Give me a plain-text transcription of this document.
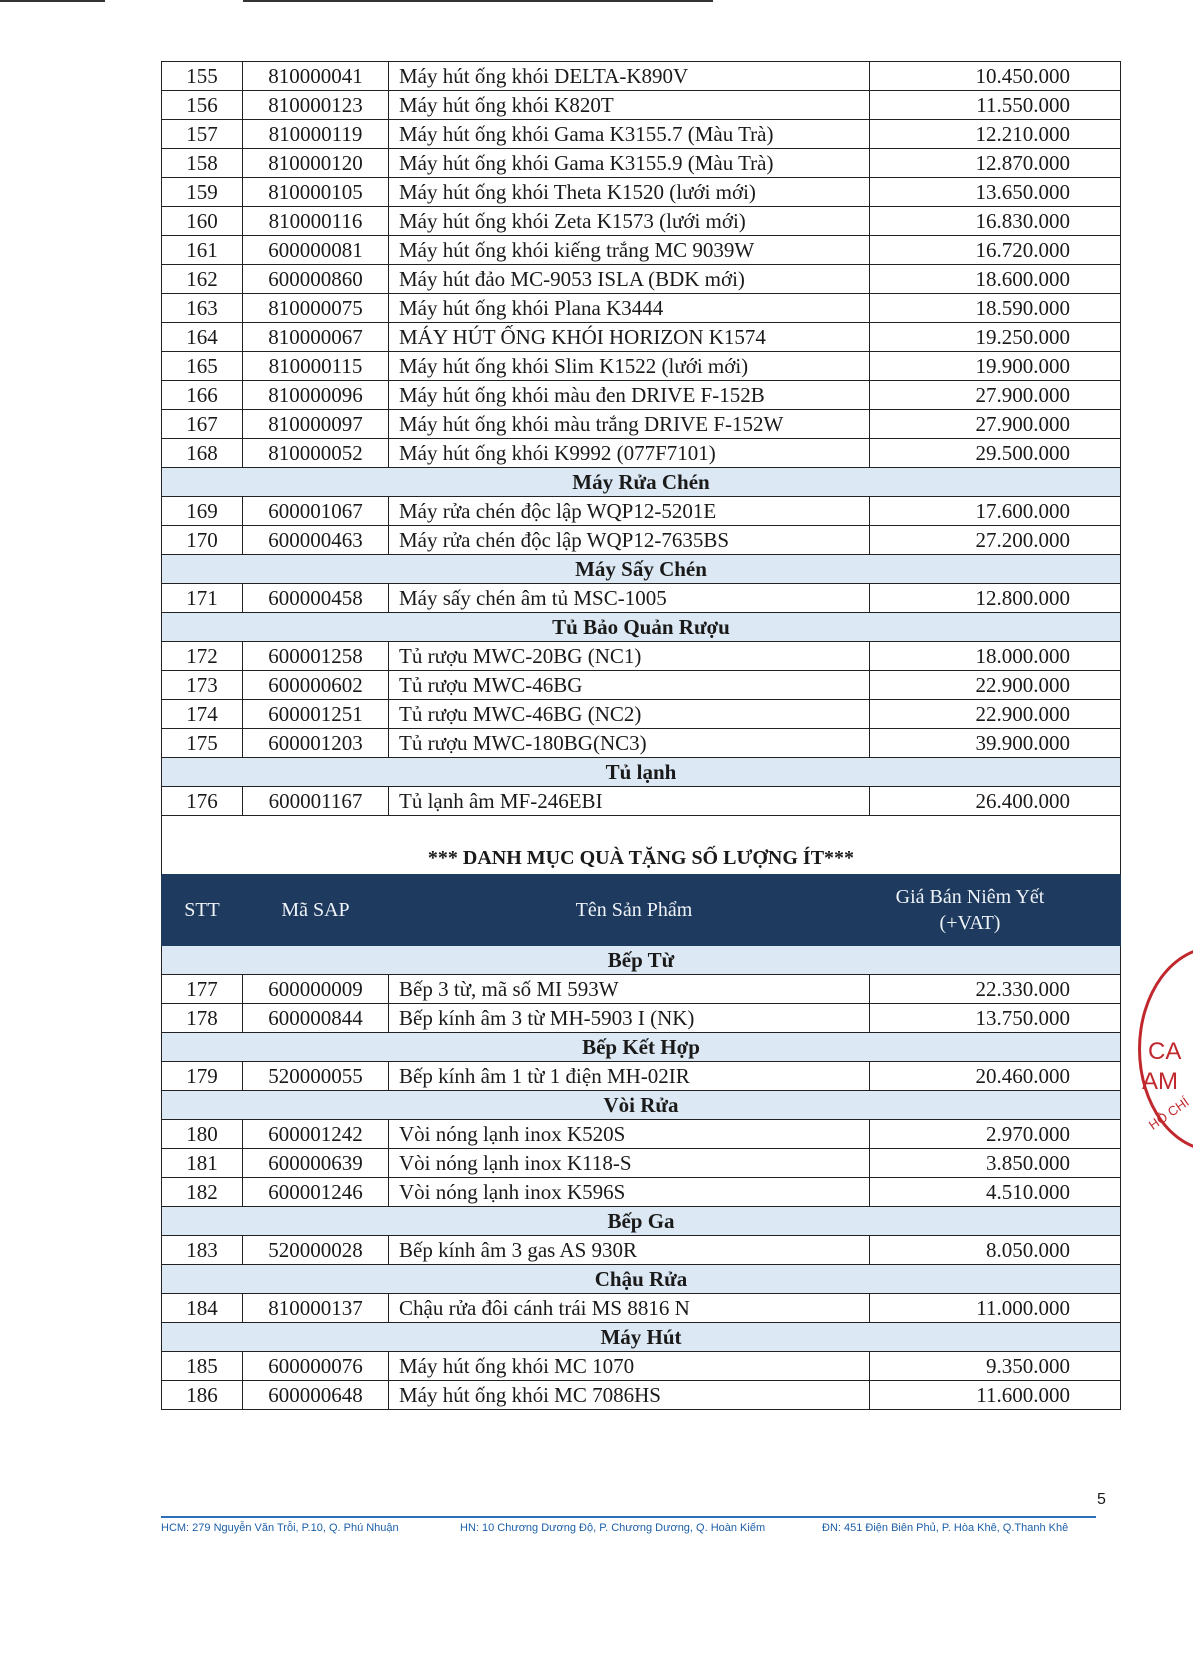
155	810000041	Máy hút ống khói DELTA-K890V	10.450.000
156	810000123	Máy hút ống khói K820T	11.550.000
157	810000119	Máy hút ống khói Gama K3155.7 (Màu Trà)	12.210.000
158	810000120	Máy hút ống khói Gama K3155.9 (Màu Trà)	12.870.000
159	810000105	Máy hút ống khói Theta K1520 (lưới mới)	13.650.000
160	810000116	Máy hút ống khói Zeta K1573 (lưới mới)	16.830.000
161	600000081	Máy hút ống khói kiếng trắng MC 9039W	16.720.000
162	600000860	Máy hút đảo MC-9053 ISLA (BDK mới)	18.600.000
163	810000075	Máy hút ống khói Plana K3444	18.590.000
164	810000067	MÁY HÚT ỐNG KHÓI HORIZON K1574	19.250.000
165	810000115	Máy hút ống khói Slim K1522 (lưới mới)	19.900.000
166	810000096	Máy hút ống khói màu đen DRIVE F-152B	27.900.000
167	810000097	Máy hút ống khói màu trắng DRIVE F-152W	27.900.000
168	810000052	Máy hút ống khói K9992 (077F7101)	29.500.000
Máy Rửa Chén			
169	600001067	Máy rửa chén độc lập WQP12-5201E	17.600.000
170	600000463	Máy rửa chén độc lập WQP12-7635BS	27.200.000
Máy Sấy Chén			
171	600000458	Máy sấy chén âm tủ MSC-1005	12.800.000
Tủ Bảo Quản Rượu			
172	600001258	Tủ rượu MWC-20BG (NC1)	18.000.000
173	600000602	Tủ rượu MWC-46BG	22.900.000
174	600001251	Tủ rượu MWC-46BG (NC2)	22.900.000
175	600001203	Tủ rượu MWC-180BG(NC3)	39.900.000
Tủ lạnh			
176	600001167	Tủ lạnh âm MF-246EBI	26.400.000
*** DANH MỤC QUÀ TẶNG SỐ LƯỢNG ÍT***			
STT	Mã SAP	Tên Sản Phẩm	Giá Bán Niêm Yết (+VAT)
Bếp Từ			
177	600000009	Bếp 3 từ, mã số MI 593W	22.330.000
178	600000844	Bếp kính âm 3 từ MH-5903 I (NK)	13.750.000
Bếp Kết Hợp			
179	520000055	Bếp kính âm 1 từ 1 điện MH-02IR	20.460.000
Vòi Rửa			
180	600001242	Vòi nóng lạnh inox K520S	2.970.000
181	600000639	Vòi nóng lạnh inox K118-S	3.850.000
182	600001246	Vòi nóng lạnh inox K596S	4.510.000
Bếp Ga			
183	520000028	Bếp kính âm 3 gas AS 930R	8.050.000
Chậu Rửa			
184	810000137	Chậu rửa đôi cánh trái MS 8816 N	11.000.000
Máy Hút			
185	600000076	Máy hút ống khói MC 1070	9.350.000
186	600000648	Máy hút ống khói MC 7086HS	11.600.000
CA
AM
HỒ CHÍ
5
HCM: 279 Nguyễn Văn Trỗi, P.10, Q. Phú Nhuận	HN: 10 Chương Dương Độ, P. Chương Dương, Q. Hoàn Kiếm	ĐN: 451 Điện Biên Phủ, P. Hòa Khê, Q.Thanh Khê
